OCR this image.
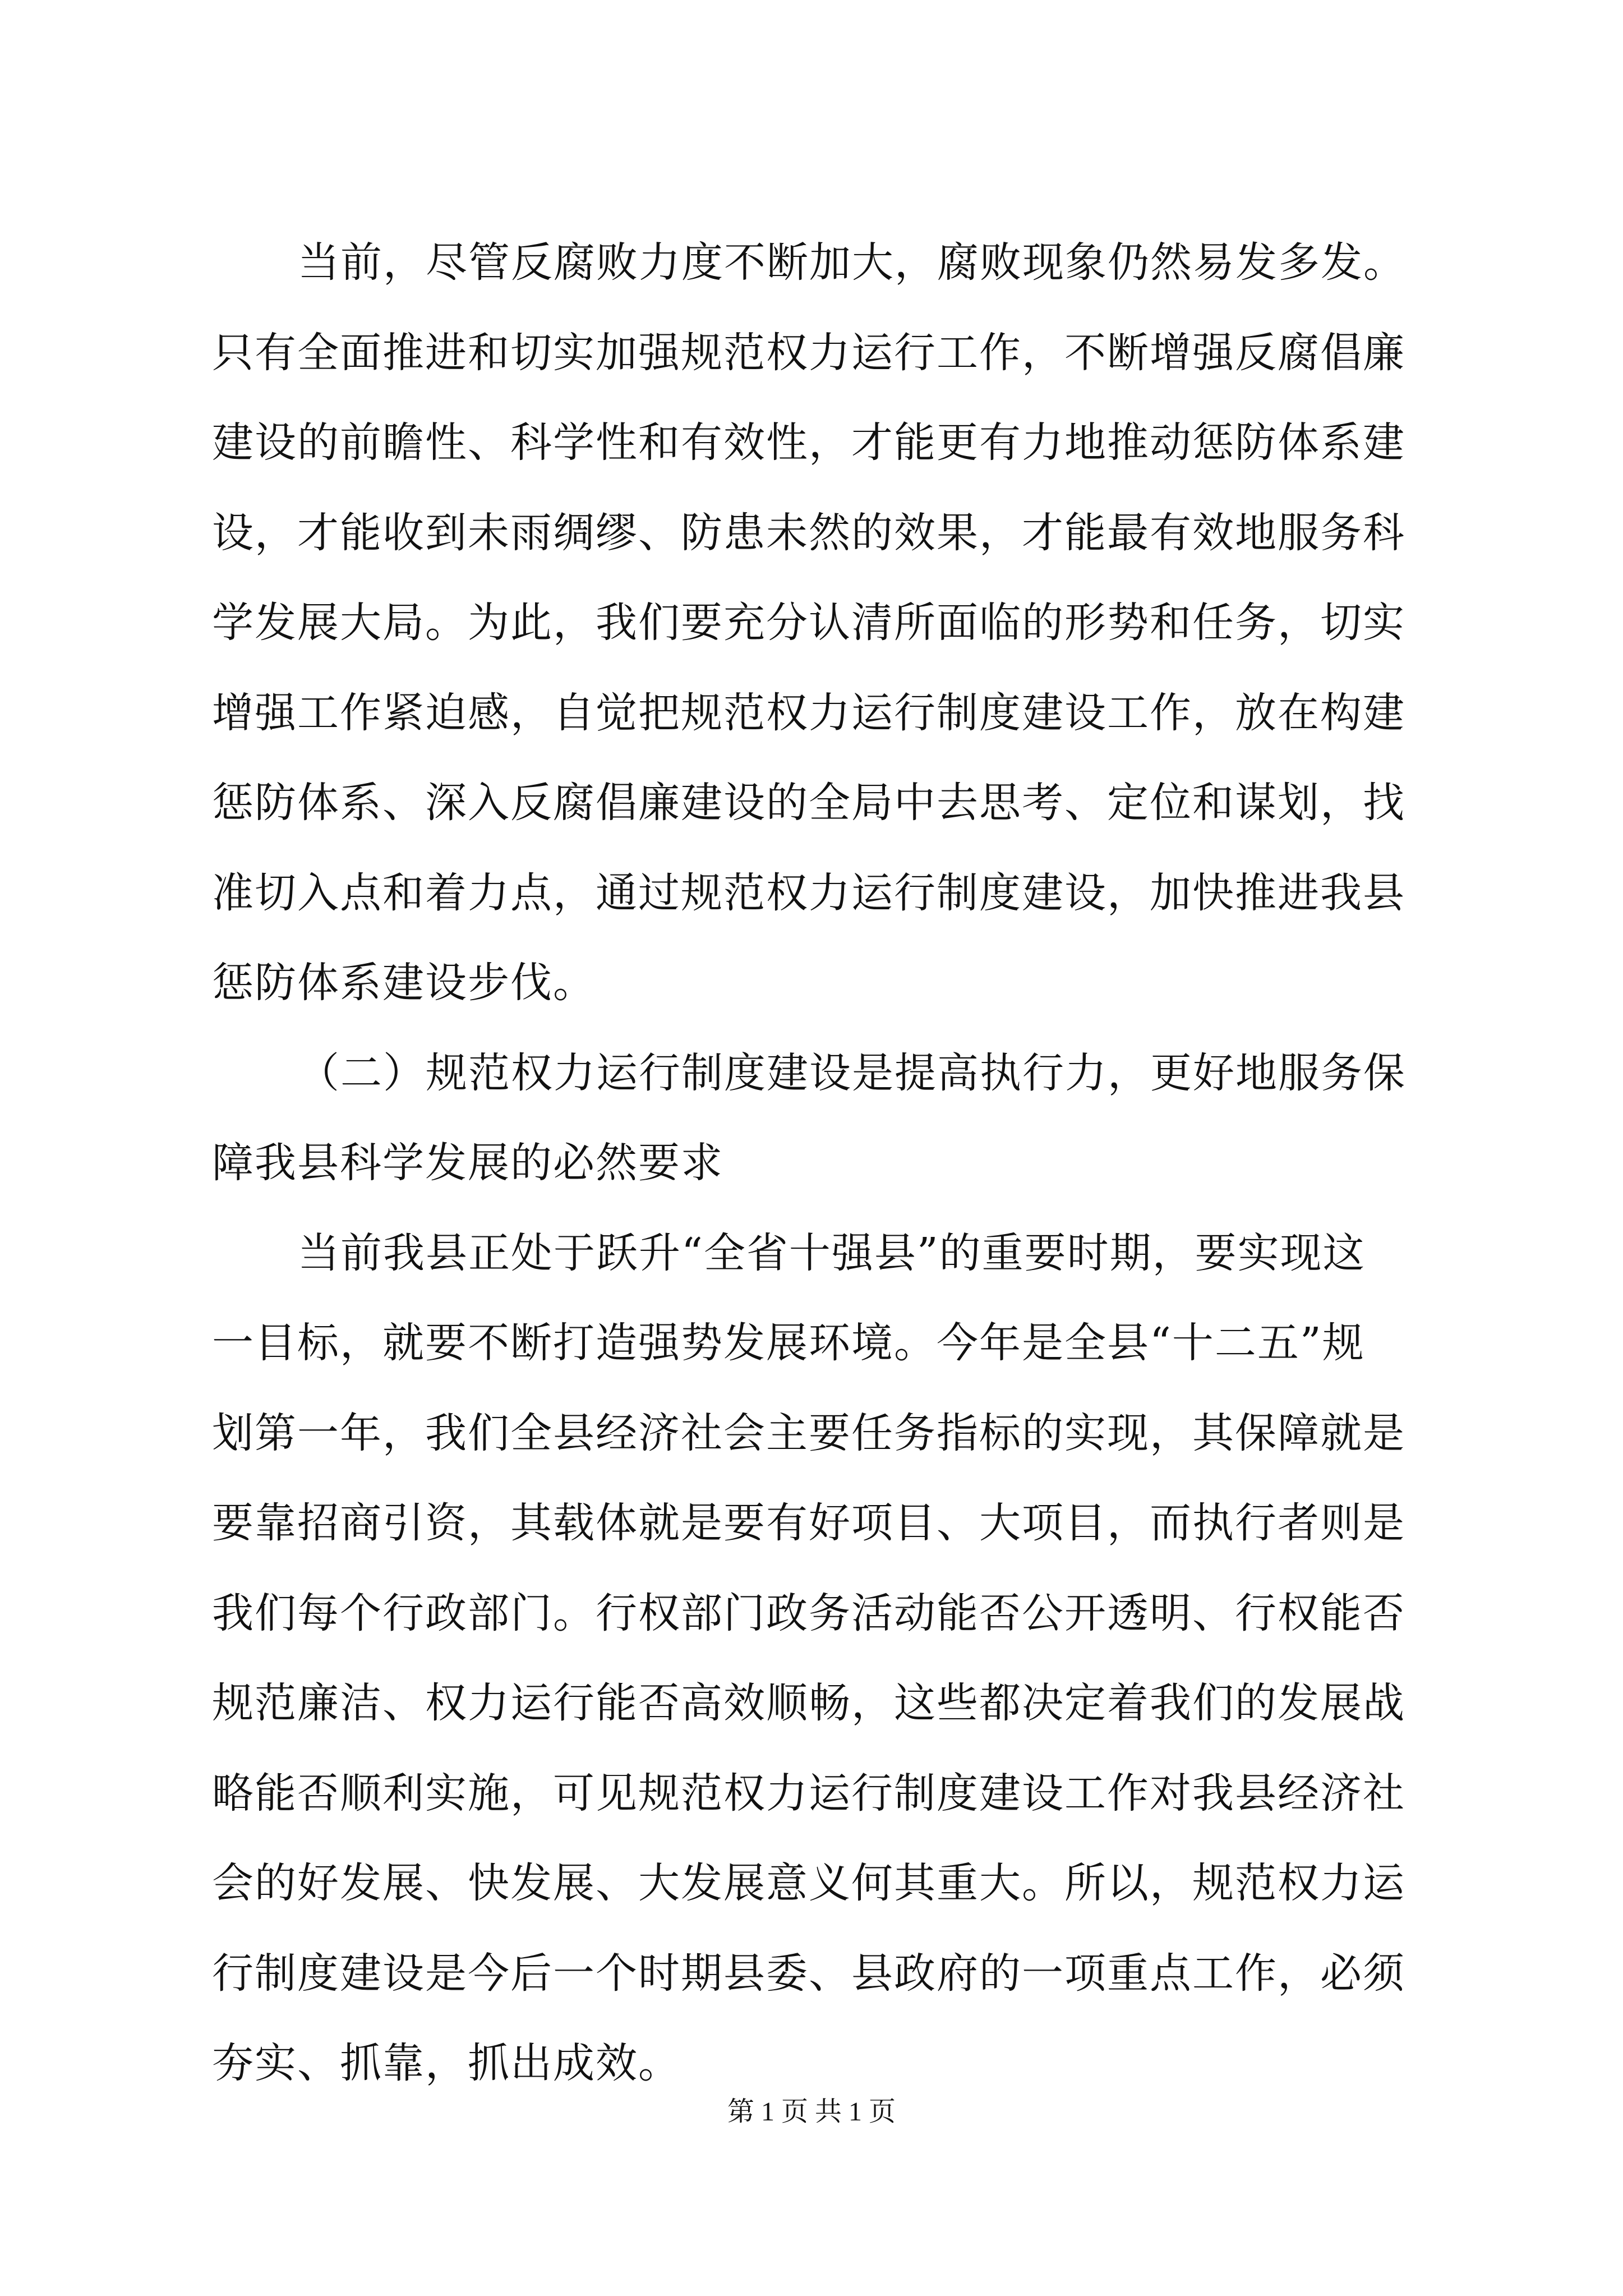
当前，尽管反腐败力度不断加大，腐败现象仍然易发多发。
只有全面推进和切实加强规范权力运行工作，不断增强反腐倡廉
建设的前瞻性、科学性和有效性，才能更有力地推动惩防体系建
设，才能收到未雨绸缪、防患未然的效果，才能最有效地服务科
学发展大局。为此，我们要充分认清所面临的形势和任务，切实
增强工作紧迫感，自觉把规范权力运行制度建设工作，放在构建
惩防体系、深入反腐倡廉建设的全局中去思考、定位和谋划，找
准切入点和着力点，通过规范权力运行制度建设，加快推进我县
惩防体系建设步伐。
（二）规范权力运行制度建设是提高执行力，更好地服务保
障我县科学发展的必然要求
当前我县正处于跃升“全省十强县”的重要时期，要实现这
一目标，就要不断打造强势发展环境。今年是全县“十二五”规
划第一年，我们全县经济社会主要任务指标的实现，其保障就是
要靠招商引资，其载体就是要有好项目、大项目，而执行者则是
我们每个行政部门。行权部门政务活动能否公开透明、行权能否
规范廉洁、权力运行能否高效顺畅，这些都决定着我们的发展战
略能否顺利实施，可见规范权力运行制度建设工作对我县经济社
会的好发展、快发展、大发展意义何其重大。所以，规范权力运
行制度建设是今后一个时期县委、县政府的一项重点工作，必须
夯实、抓靠，抓出成效。
第 1 页 共 1 页
